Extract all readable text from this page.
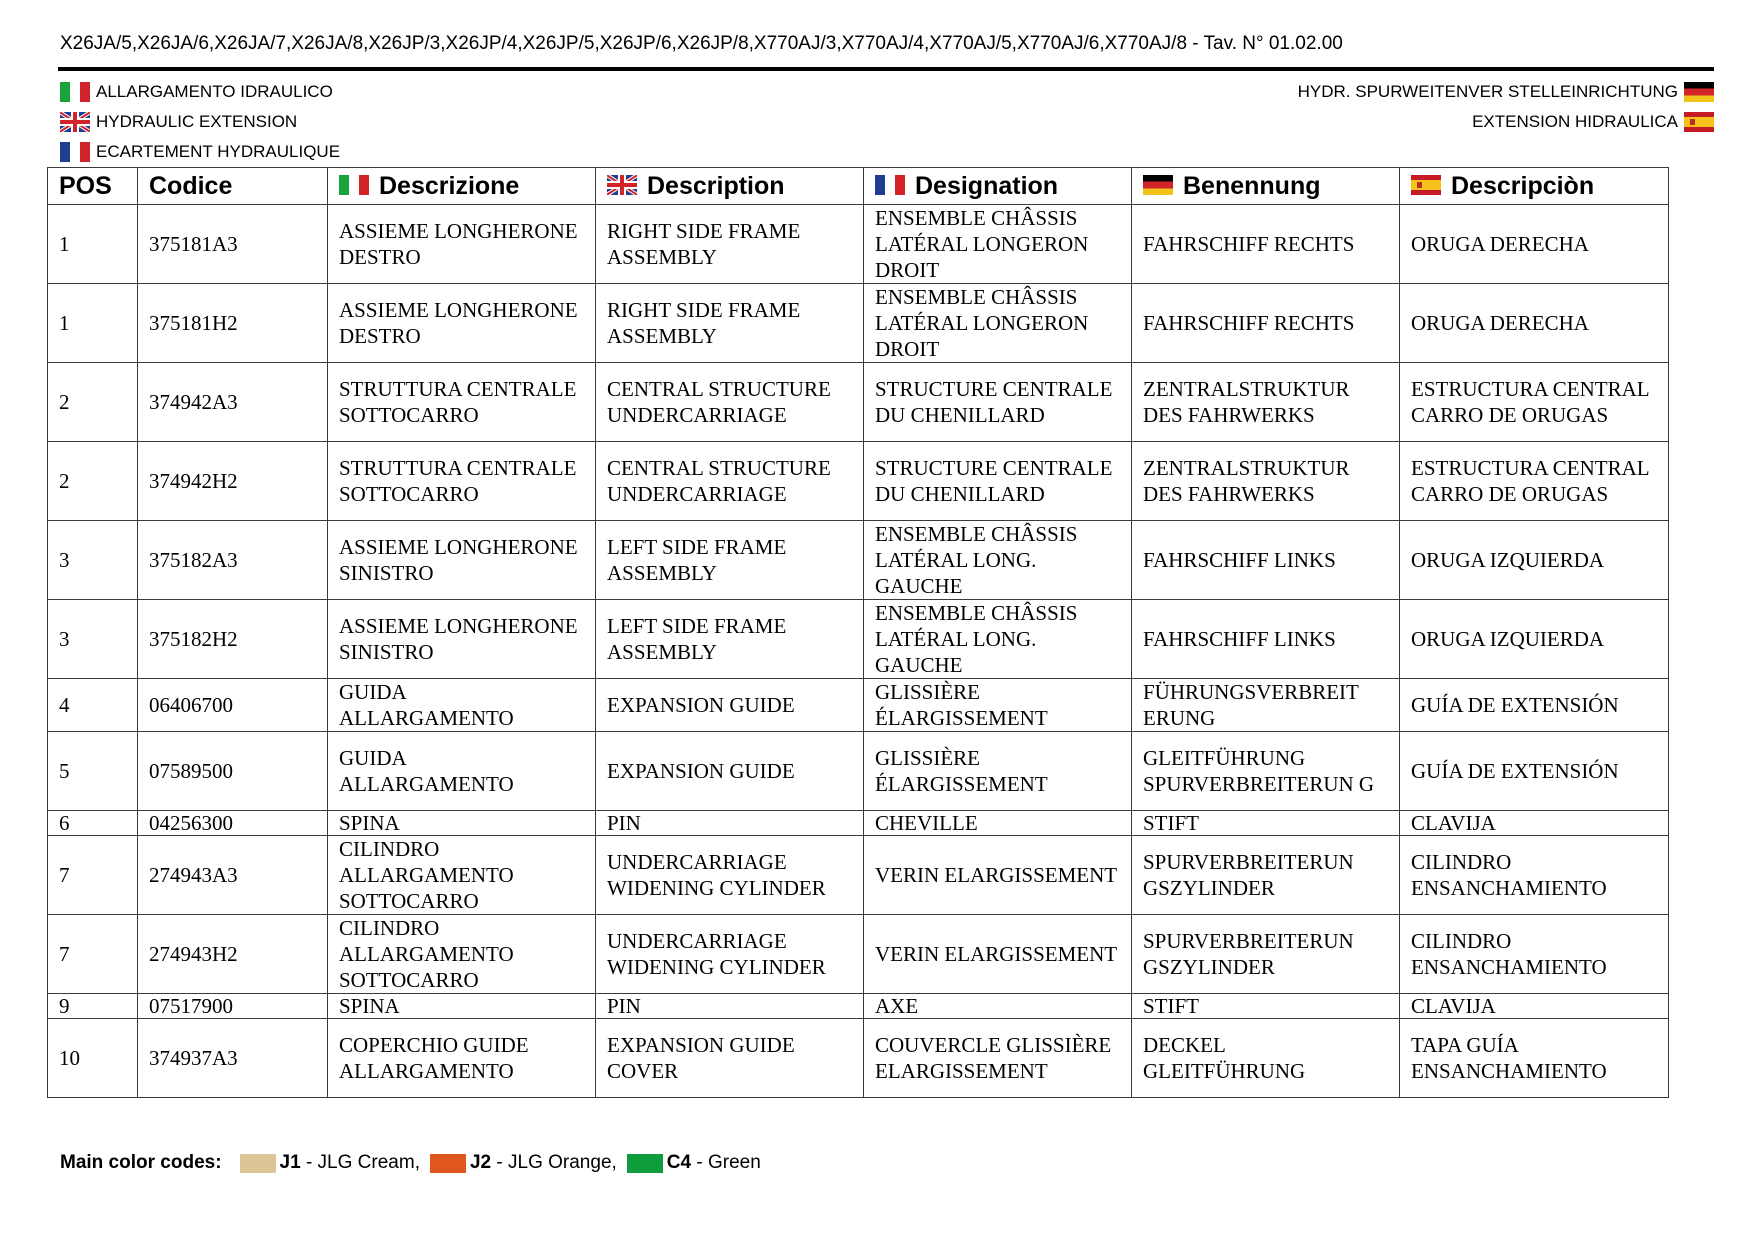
X26JA/5,X26JA/6,X26JA/7,X26JA/8,X26JP/3,X26JP/4,X26JP/5,X26JP/6,X26JP/8,X770AJ/3,X770AJ/4,X770AJ/5,X770AJ/6,X770AJ/8 - Tav. N° 01.02.00
ALLARGAMENTO IDRAULICO
HYDRAULIC EXTENSION
ECARTEMENT HYDRAULIQUE
HYDR. SPURWEITENVER STELLEINRICHTUNG
EXTENSION HIDRAULICA
POS	Codice	Descrizione	Description	Designation	Benennung	Descripciòn
1	375181A3	ASSIEME LONGHERONE DESTRO	RIGHT SIDE FRAME ASSEMBLY	ENSEMBLE CHÂSSIS LATÉRAL LONGERON DROIT	FAHRSCHIFF RECHTS	ORUGA DERECHA
1	375181H2	ASSIEME LONGHERONE DESTRO	RIGHT SIDE FRAME ASSEMBLY	ENSEMBLE CHÂSSIS LATÉRAL LONGERON DROIT	FAHRSCHIFF RECHTS	ORUGA DERECHA
2	374942A3	STRUTTURA CENTRALE SOTTOCARRO	CENTRAL STRUCTURE UNDERCARRIAGE	STRUCTURE CENTRALE DU CHENILLARD	ZENTRALSTRUKTUR DES FAHRWERKS	ESTRUCTURA CENTRAL CARRO DE ORUGAS
2	374942H2	STRUTTURA CENTRALE SOTTOCARRO	CENTRAL STRUCTURE UNDERCARRIAGE	STRUCTURE CENTRALE DU CHENILLARD	ZENTRALSTRUKTUR DES FAHRWERKS	ESTRUCTURA CENTRAL CARRO DE ORUGAS
3	375182A3	ASSIEME LONGHERONE SINISTRO	LEFT SIDE FRAME ASSEMBLY	ENSEMBLE CHÂSSIS LATÉRAL LONG. GAUCHE	FAHRSCHIFF LINKS	ORUGA IZQUIERDA
3	375182H2	ASSIEME LONGHERONE SINISTRO	LEFT SIDE FRAME ASSEMBLY	ENSEMBLE CHÂSSIS LATÉRAL LONG. GAUCHE	FAHRSCHIFF LINKS	ORUGA IZQUIERDA
4	06406700	GUIDA ALLARGAMENTO	EXPANSION GUIDE	GLISSIÈRE ÉLARGISSEMENT	FÜHRUNGSVERBREIT ERUNG	GUÍA DE EXTENSIÓN
5	07589500	GUIDA ALLARGAMENTO	EXPANSION GUIDE	GLISSIÈRE ÉLARGISSEMENT	GLEITFÜHRUNG SPURVERBREITERUN G	GUÍA DE EXTENSIÓN
6	04256300	SPINA	PIN	CHEVILLE	STIFT	CLAVIJA
7	274943A3	CILINDRO ALLARGAMENTO SOTTOCARRO	UNDERCARRIAGE WIDENING CYLINDER	VERIN ELARGISSEMENT	SPURVERBREITERUN GSZYLINDER	CILINDRO ENSANCHAMIENTO
7	274943H2	CILINDRO ALLARGAMENTO SOTTOCARRO	UNDERCARRIAGE WIDENING CYLINDER	VERIN ELARGISSEMENT	SPURVERBREITERUN GSZYLINDER	CILINDRO ENSANCHAMIENTO
9	07517900	SPINA	PIN	AXE	STIFT	CLAVIJA
10	374937A3	COPERCHIO GUIDE ALLARGAMENTO	EXPANSION GUIDE COVER	COUVERCLE GLISSIÈRE ELARGISSEMENT	DECKEL GLEITFÜHRUNG	TAPA GUÍA ENSANCHAMIENTO
Main color codes:	J1 - JLG Cream,	J2 - JLG Orange,	C4 - Green
